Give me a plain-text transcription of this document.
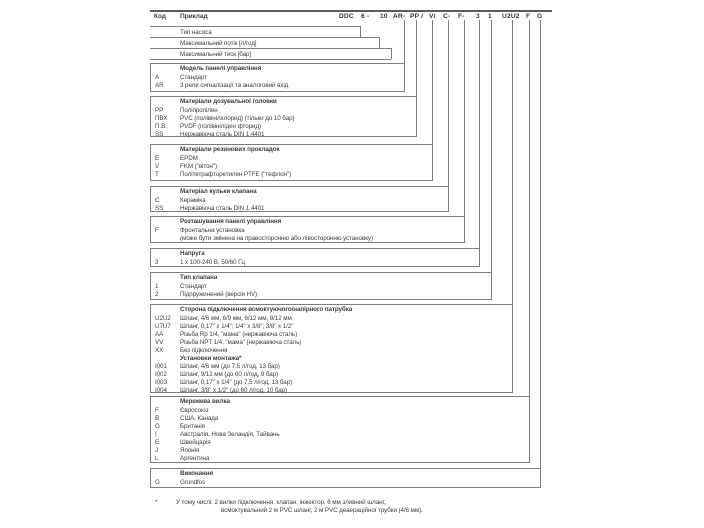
Код Приклад	DDC 6 - 10 AR- PP / V/ C- F- 3 1 U2U2 F G
Тип насоса
Максимальний потік [л/год]
Максимальний тиск [бар]
Модель панелі управління
A	Стандарт
AR	3 реле сигналізації та аналоговий вхід
Матеріали дозувальної головки
PP	Поліпропілен
ПВХ PVC (полівінілхлорид) (тільки до 10 бар)
П.В. PVDF (полівініліден фторид)
SS	Нержавіюча сталь DIN 1.4401
Матеріали резинових прокладок
E	EPDM
V	FKM ("вітон")
T	Політетрафторетилен PTFE ("тефлон")
Матеріал кульки клапана
C	Кераміка
SS	Нержавіюча сталь DIN 1.4401
Розташування панелі управління
F	Фронтальна установка
(може бути змінена на правосторонню або лівосторонню установку)
Напруга
3	1 x 100-240 В, 50/60 Гц
Тип клапана
1	Стандарт
2	Підпружинений (версія HV)
Сторона підключення всмоктуючого/напірного патрубка
U2U2 Шланг, 4/6 мм, 6/9 мм, 6/12 мм, 9/12 мм
U7U7 Шланг, 0,17" x 1/4"; 1/4" x 3/8"; 3/8" x 1/2"
AA	Різьба Rp 1/4, "мама" (нержавіюча сталь)
VV	Різьба NPT 1/4, "мама" (нержавіюча сталь)
XX	Без підключення
Установки монтажа*
I001 Шланг, 4/6 мм (до 7,5 л/год, 13 бар)
I002 Шланг, 9/12 мм (до 60 л/год, 9 бар)
I003 Шланг, 0,17" x 1/4" (до 7,5 л/год, 13 бар)
I004 Шланг, 3/8" x 1/2" (до 60 л/год, 10 бар)
Мережева вилка
F	Євросоюз
B	США, Канада
G	Британія
I	Австралія, Нова Зеландія, Тайвань
E	Швейцарія
J	Японія
L	Аргентина
Виконання
G	Grundfos
*	У тому числі: 2 вилки підключення, клапан, інжектор, 6 мм зливний шланг,
всмоктувальний 2 м PVC шланг, 2 м PVC деаераційної трубки (4/6 мм).
